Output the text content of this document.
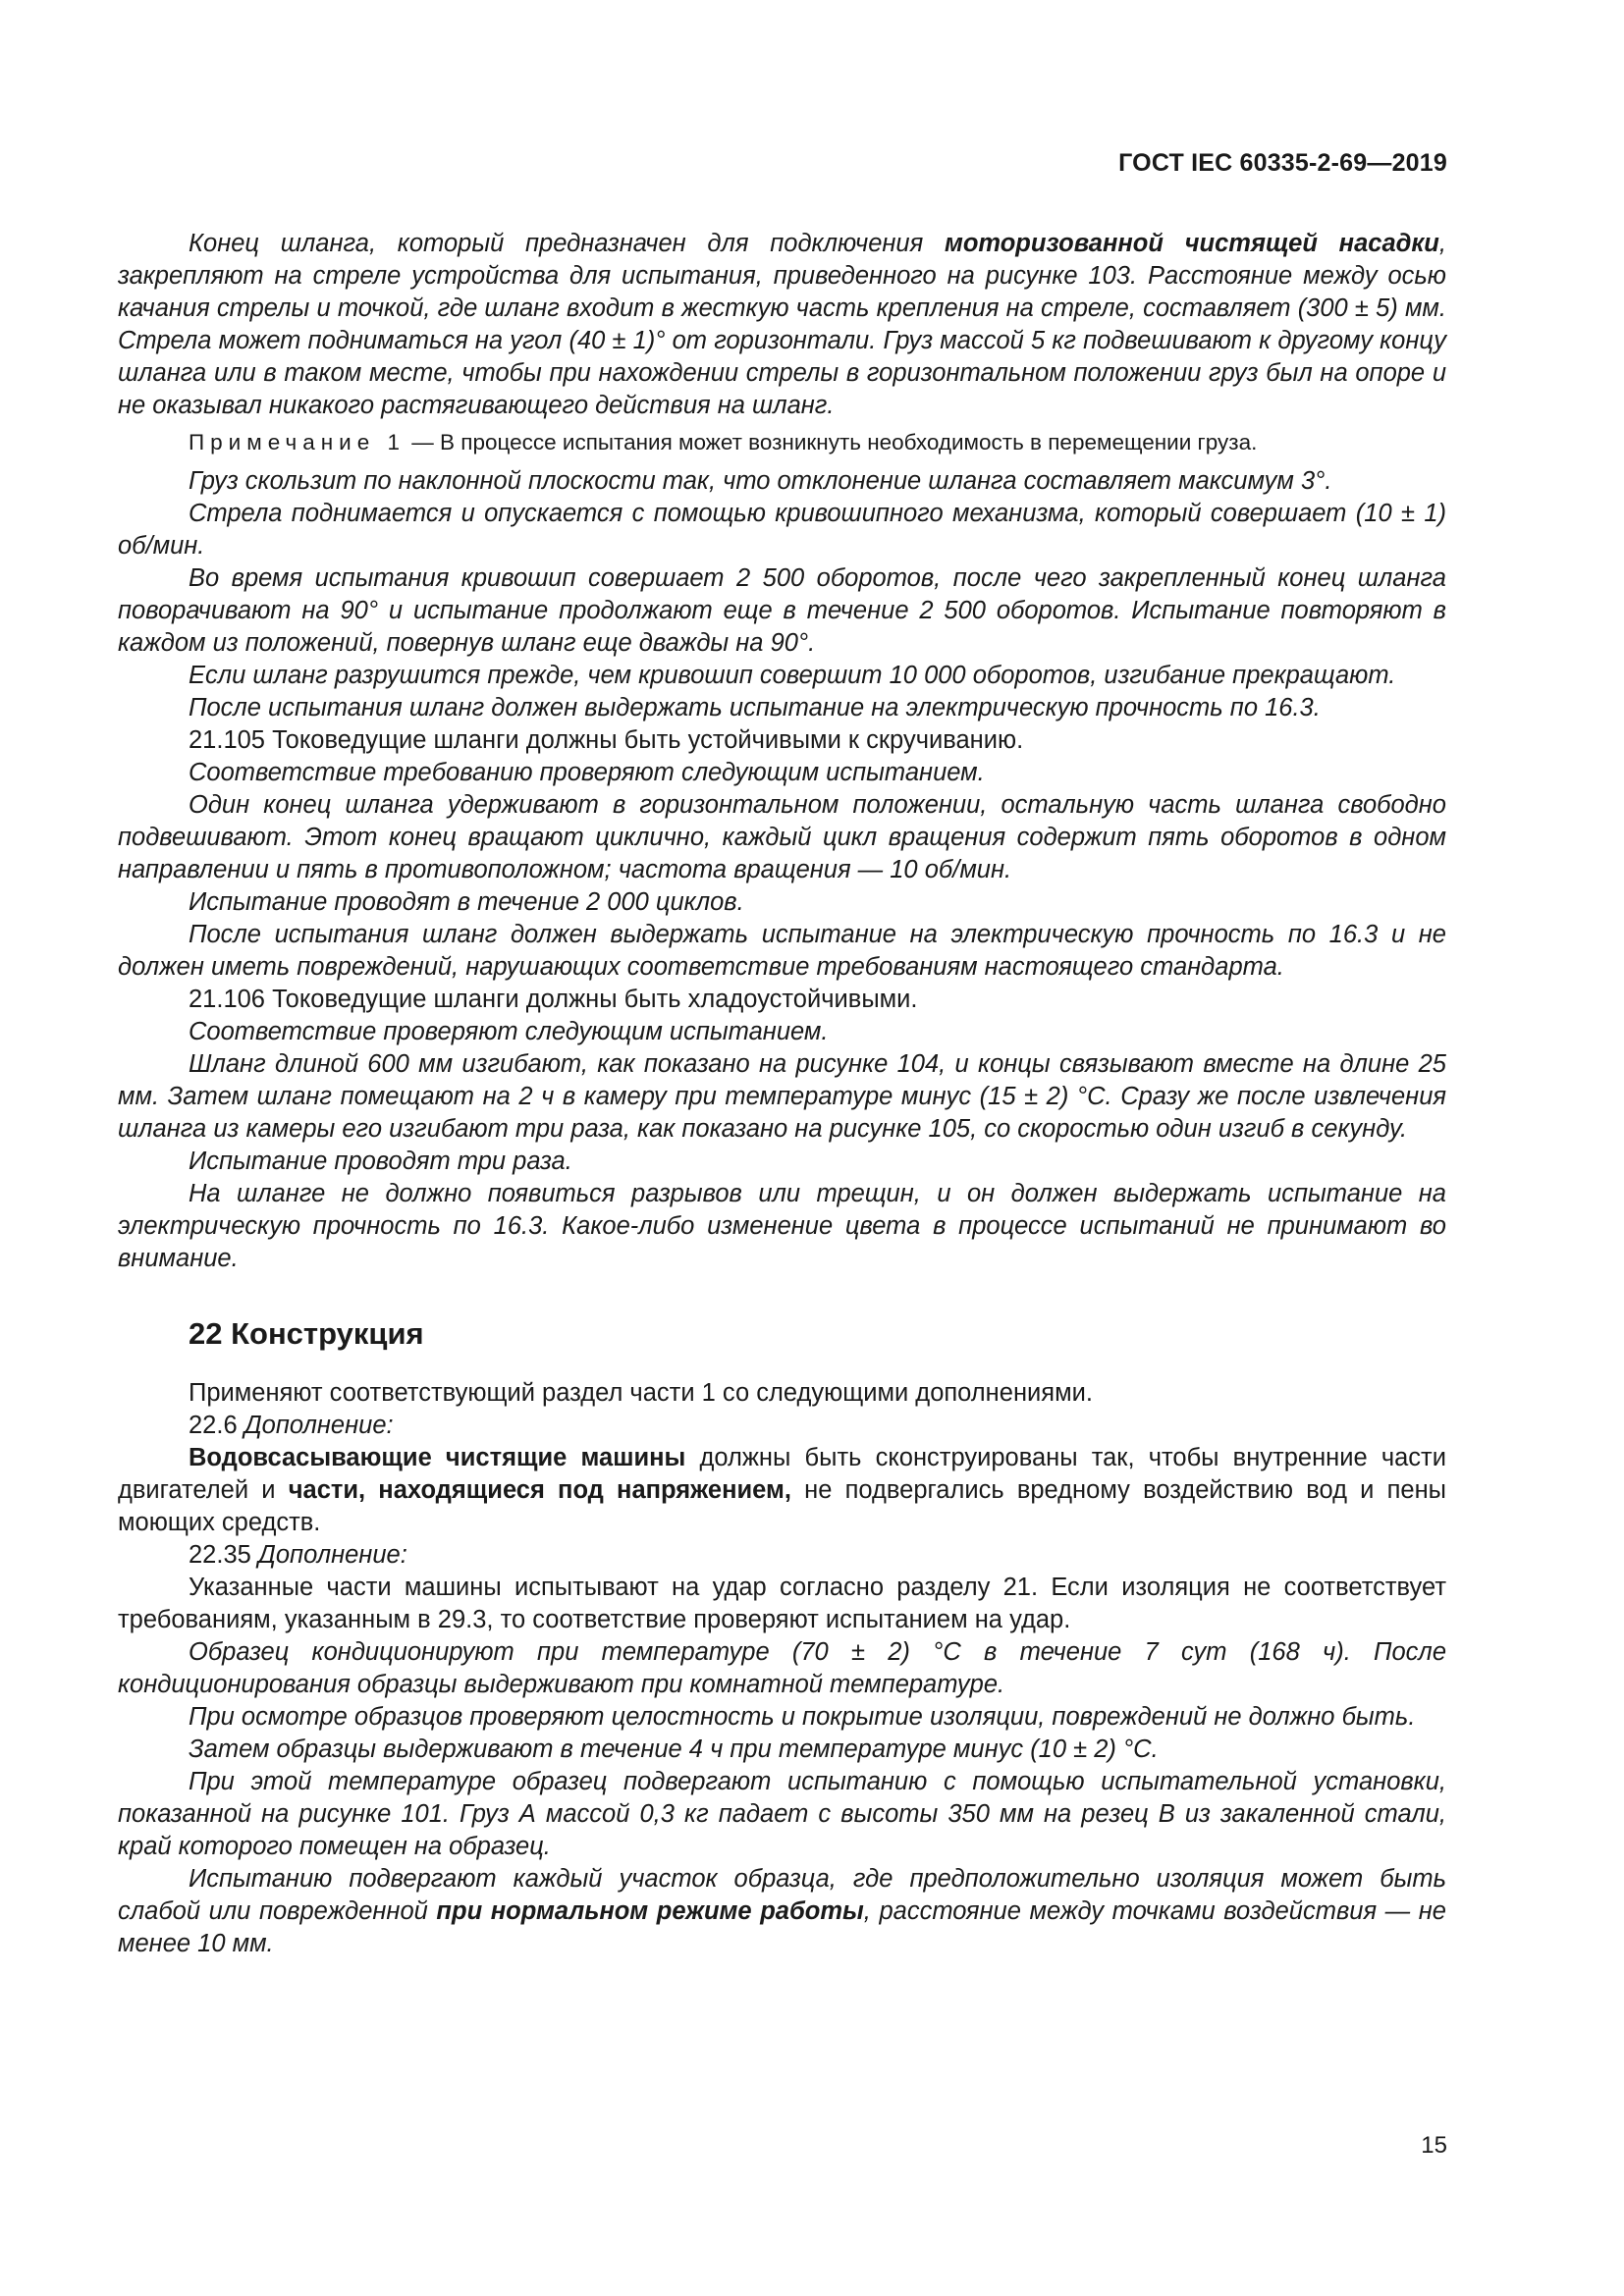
ГОСТ IEC 60335-2-69—2019

Конец шланга, который предназначен для подключения моторизованной чистящей насадки, закрепляют на стреле устройства для испытания, приведенного на рисунке 103. Расстояние между осью качания стрелы и точкой, где шланг входит в жесткую часть крепления на стреле, составляет (300 ± 5) мм. Стрела может подниматься на угол (40 ± 1)° от горизонтали. Груз массой 5 кг подвешивают к другому концу шланга или в таком месте, чтобы при нахождении стрелы в горизонтальном положении груз был на опоре и не оказывал никакого растягивающего действия на шланг.

Примечание 1 — В процессе испытания может возникнуть необходимость в перемещении груза.

Груз скользит по наклонной плоскости так, что отклонение шланга составляет максимум 3°.

Стрела поднимается и опускается с помощью кривошипного механизма, который совершает (10 ± 1) об/мин.

Во время испытания кривошип совершает 2 500 оборотов, после чего закрепленный конец шланга поворачивают на 90° и испытание продолжают еще в течение 2 500 оборотов. Испытание повторяют в каждом из положений, повернув шланг еще дважды на 90°.

Если шланг разрушится прежде, чем кривошип совершит 10 000 оборотов, изгибание прекращают.

После испытания шланг должен выдержать испытание на электрическую прочность по 16.3.

21.105 Токоведущие шланги должны быть устойчивыми к скручиванию.

Соответствие требованию проверяют следующим испытанием.

Один конец шланга удерживают в горизонтальном положении, остальную часть шланга свободно подвешивают. Этот конец вращают циклично, каждый цикл вращения содержит пять оборотов в одном направлении и пять в противоположном; частота вращения — 10 об/мин.

Испытание проводят в течение 2 000 циклов.

После испытания шланг должен выдержать испытание на электрическую прочность по 16.3 и не должен иметь повреждений, нарушающих соответствие требованиям настоящего стандарта.

21.106 Токоведущие шланги должны быть хладоустойчивыми.

Соответствие проверяют следующим испытанием.

Шланг длиной 600 мм изгибают, как показано на рисунке 104, и концы связывают вместе на длине 25 мм. Затем шланг помещают на 2 ч в камеру при температуре минус (15 ± 2) °С. Сразу же после извлечения шланга из камеры его изгибают три раза, как показано на рисунке 105, со скоростью один изгиб в секунду.

Испытание проводят три раза.

На шланге не должно появиться разрывов или трещин, и он должен выдержать испытание на электрическую прочность по 16.3. Какое-либо изменение цвета в процессе испытаний не принимают во внимание.

22 Конструкция

Применяют соответствующий раздел части 1 со следующими дополнениями.

22.6 Дополнение:

Водовсасывающие чистящие машины должны быть сконструированы так, чтобы внутренние части двигателей и части, находящиеся под напряжением, не подвергались вредному воздействию вод и пены моющих средств.

22.35 Дополнение:

Указанные части машины испытывают на удар согласно разделу 21. Если изоляция не соответствует требованиям, указанным в 29.3, то соответствие проверяют испытанием на удар.

Образец кондиционируют при температуре (70 ± 2) °С в течение 7 сут (168 ч). После кондиционирования образцы выдерживают при комнатной температуре.

При осмотре образцов проверяют целостность и покрытие изоляции, повреждений не должно быть.

Затем образцы выдерживают в течение 4 ч при температуре минус (10 ± 2) °С.

При этой температуре образец подвергают испытанию с помощью испытательной установки, показанной на рисунке 101. Груз А массой 0,3 кг падает с высоты 350 мм на резец В из закаленной стали, край которого помещен на образец.

Испытанию подвергают каждый участок образца, где предположительно изоляция может быть слабой или поврежденной при нормальном режиме работы, расстояние между точками воздействия — не менее 10 мм.

15
